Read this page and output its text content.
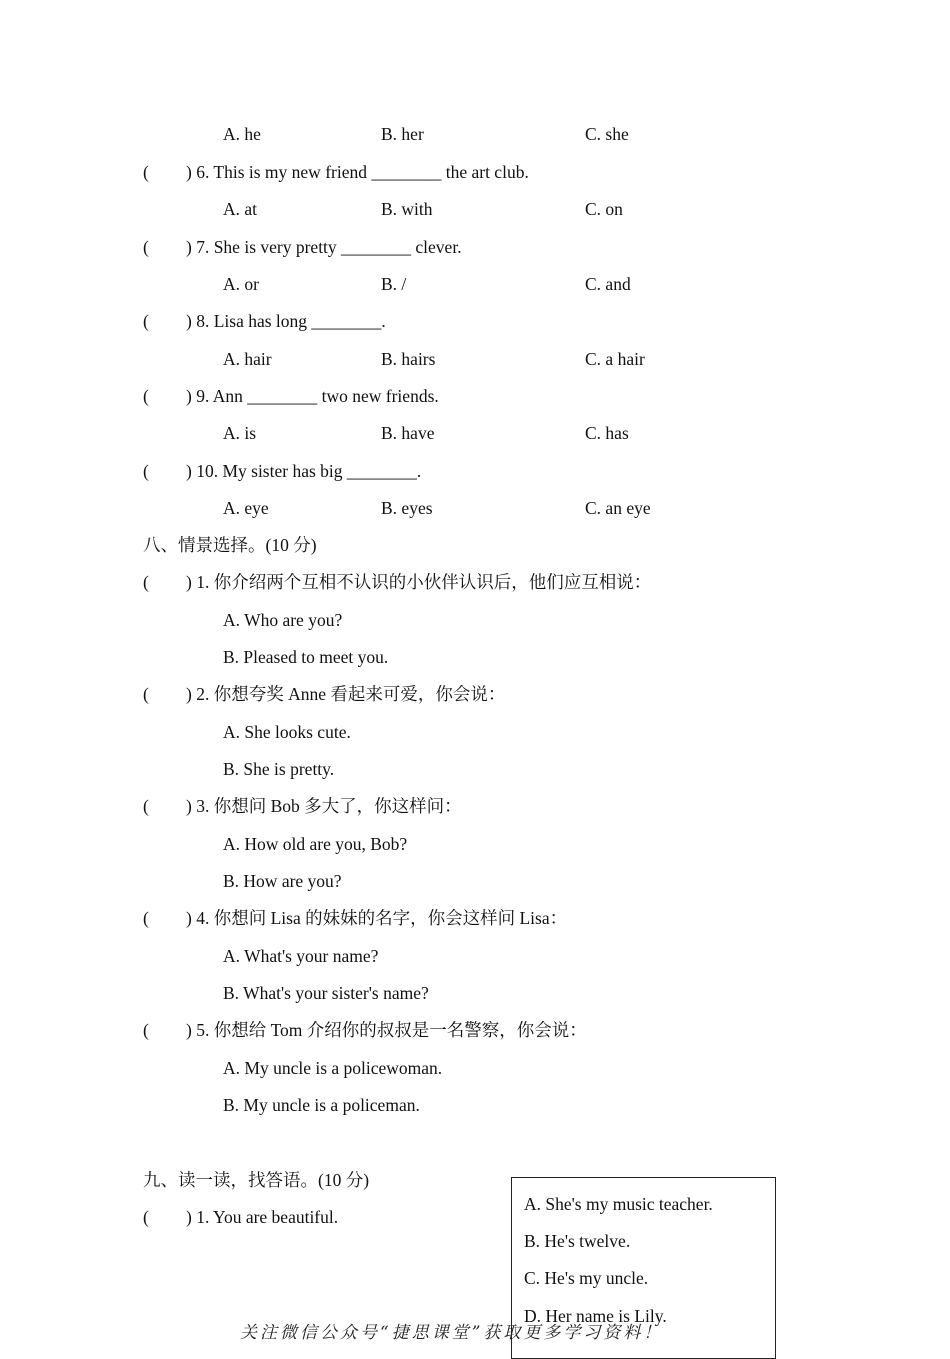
A. he	B. her	C. she
( ) 6. This is my new friend ________ the art club.
A. at	B. with	C. on
( ) 7. She is very pretty ________ clever.
A. or	B. /	C. and
( ) 8. Lisa has long ________.
A. hair	B. hairs	C. a hair
( ) 9. Ann ________ two new friends.
A. is	B. have	C. has
( ) 10. My sister has big ________.
A. eye	B. eyes	C. an eye
八、情景选择。(10 分)
( ) 1. 你介绍两个互相不认识的小伙伴认识后，他们应互相说：
A. Who are you?
B. Pleased to meet you.
( ) 2. 你想夸奖 Anne 看起来可爱，你会说：
A. She looks cute.
B. She is pretty.
( ) 3. 你想问 Bob 多大了，你这样问：
A. How old are you, Bob?
B. How are you?
( ) 4. 你想问 Lisa 的妹妹的名字，你会这样问 Lisa：
A. What's your name?
B. What's your sister's name?
( ) 5. 你想给 Tom 介绍你的叔叔是一名警察，你会说：
A. My uncle is a policewoman.
B. My uncle is a policeman.
九、读一读，找答语。(10 分)
( ) 1. You are beautiful.
A. She's my music teacher.
B. He's twelve.
C. He's my uncle.
D. Her name is Lily.
关注微信公众号“捷思课堂”获取更多学习资料！
